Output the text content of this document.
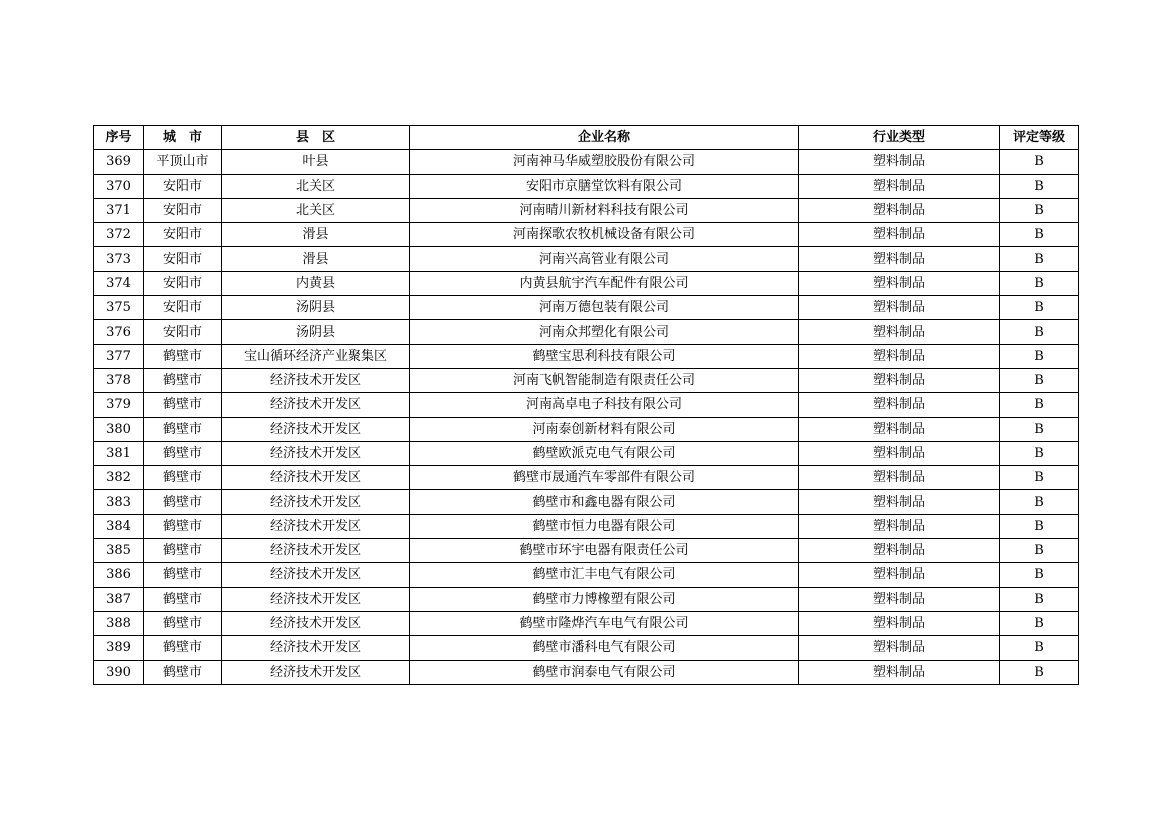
序号	城　市	县　区	企业名称	行业类型	评定等级
369	平顶山市	叶县	河南神马华威塑胶股份有限公司	塑料制品	B
370	安阳市	北关区	安阳市京膳堂饮料有限公司	塑料制品	B
371	安阳市	北关区	河南晴川新材料科技有限公司	塑料制品	B
372	安阳市	滑县	河南探歌农牧机械设备有限公司	塑料制品	B
373	安阳市	滑县	河南兴高管业有限公司	塑料制品	B
374	安阳市	内黄县	内黄县航宇汽车配件有限公司	塑料制品	B
375	安阳市	汤阴县	河南万德包装有限公司	塑料制品	B
376	安阳市	汤阴县	河南众邦塑化有限公司	塑料制品	B
377	鹤壁市	宝山循环经济产业聚集区	鹤壁宝思利科技有限公司	塑料制品	B
378	鹤壁市	经济技术开发区	河南飞帆智能制造有限责任公司	塑料制品	B
379	鹤壁市	经济技术开发区	河南高卓电子科技有限公司	塑料制品	B
380	鹤壁市	经济技术开发区	河南泰创新材料有限公司	塑料制品	B
381	鹤壁市	经济技术开发区	鹤壁欧派克电气有限公司	塑料制品	B
382	鹤壁市	经济技术开发区	鹤壁市晟通汽车零部件有限公司	塑料制品	B
383	鹤壁市	经济技术开发区	鹤壁市和鑫电器有限公司	塑料制品	B
384	鹤壁市	经济技术开发区	鹤壁市恒力电器有限公司	塑料制品	B
385	鹤壁市	经济技术开发区	鹤壁市环宇电器有限责任公司	塑料制品	B
386	鹤壁市	经济技术开发区	鹤壁市汇丰电气有限公司	塑料制品	B
387	鹤壁市	经济技术开发区	鹤壁市力博橡塑有限公司	塑料制品	B
388	鹤壁市	经济技术开发区	鹤壁市隆烨汽车电气有限公司	塑料制品	B
389	鹤壁市	经济技术开发区	鹤壁市潘科电气有限公司	塑料制品	B
390	鹤壁市	经济技术开发区	鹤壁市润泰电气有限公司	塑料制品	B
